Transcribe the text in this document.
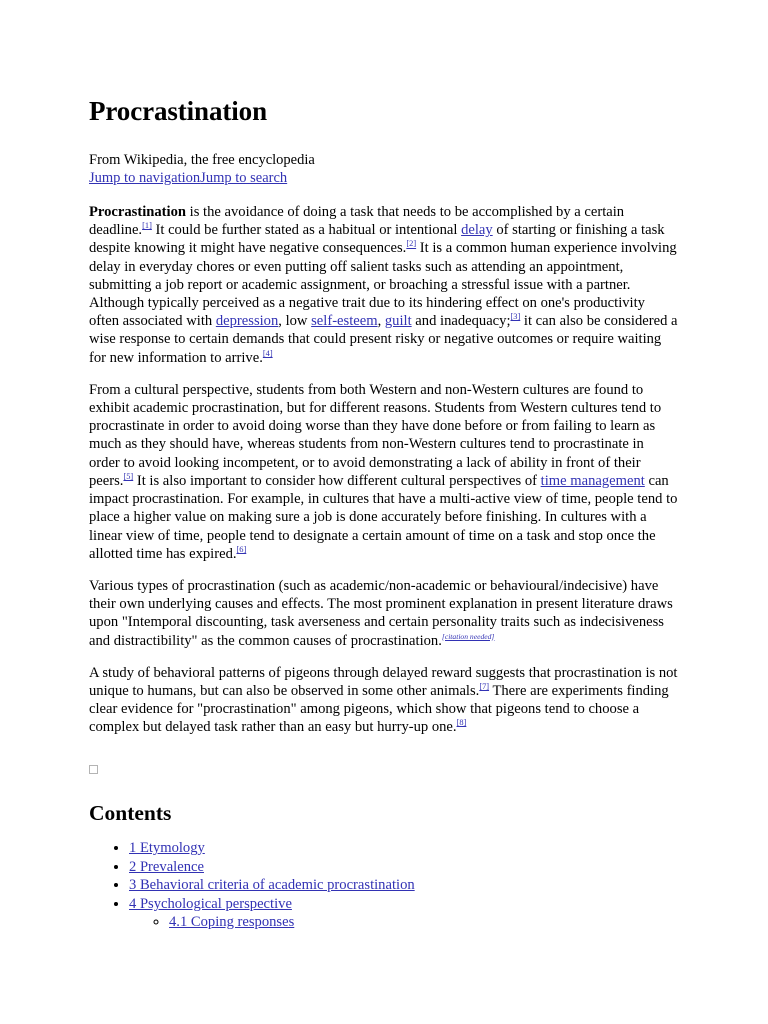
Procrastination

From Wikipedia, the free encyclopedia

Jump to navigationJump to search

Procrastination is the avoidance of doing a task that needs to be accomplished by a certain deadline.[1] It could be further stated as a habitual or intentional delay of starting or finishing a task despite knowing it might have negative consequences.[2] It is a common human experience involving delay in everyday chores or even putting off salient tasks such as attending an appointment, submitting a job report or academic assignment, or broaching a stressful issue with a partner. Although typically perceived as a negative trait due to its hindering effect on one's productivity often associated with depression, low self-esteem, guilt and inadequacy;[3] it can also be considered a wise response to certain demands that could present risky or negative outcomes or require waiting for new information to arrive.[4]

From a cultural perspective, students from both Western and non-Western cultures are found to exhibit academic procrastination, but for different reasons. Students from Western cultures tend to procrastinate in order to avoid doing worse than they have done before or from failing to learn as much as they should have, whereas students from non-Western cultures tend to procrastinate in order to avoid looking incompetent, or to avoid demonstrating a lack of ability in front of their peers.[5] It is also important to consider how different cultural perspectives of time management can impact procrastination. For example, in cultures that have a multi-active view of time, people tend to place a higher value on making sure a job is done accurately before finishing. In cultures with a linear view of time, people tend to designate a certain amount of time on a task and stop once the allotted time has expired.[6]

Various types of procrastination (such as academic/non-academic or behavioural/indecisive) have their own underlying causes and effects. The most prominent explanation in present literature draws upon "Intemporal discounting, task averseness and certain personality traits such as indecisiveness and distractibility" as the common causes of procrastination.[citation needed]

A study of behavioral patterns of pigeons through delayed reward suggests that procrastination is not unique to humans, but can also be observed in some other animals.[7] There are experiments finding clear evidence for "procrastination" among pigeons, which show that pigeons tend to choose a complex but delayed task rather than an easy but hurry-up one.[8]

Contents
• 1 Etymology
• 2 Prevalence
• 3 Behavioral criteria of academic procrastination
• 4 Psychological perspective
◦ 4.1 Coping responses
